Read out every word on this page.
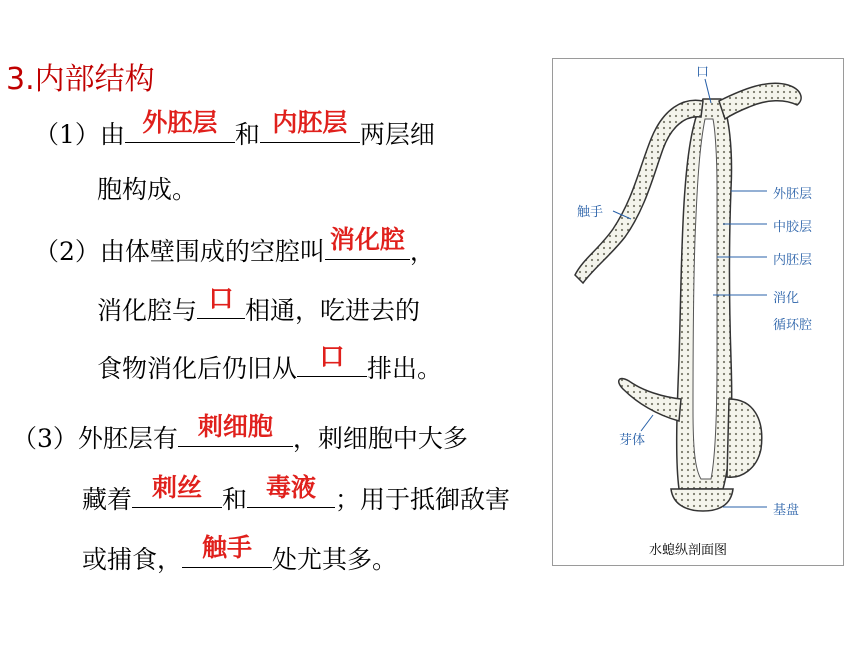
3.内部结构
（1）由 外胚层 和 内胚层 两层细
胞构成。
（2）由体壁围成的空腔叫 消化腔 ，
消化腔与 口 相通，吃进去的
食物消化后仍旧从 口 排出。
（3）外胚层有 刺细胞 ，刺细胞中大多
藏着 刺丝 和 毒液 ；用于抵御敌害
或捕食， 触手 处尤其多。
口
触手
外胚层
中胶层
内胚层
消化
循环腔
芽体
基盘
水螅纵剖面图
